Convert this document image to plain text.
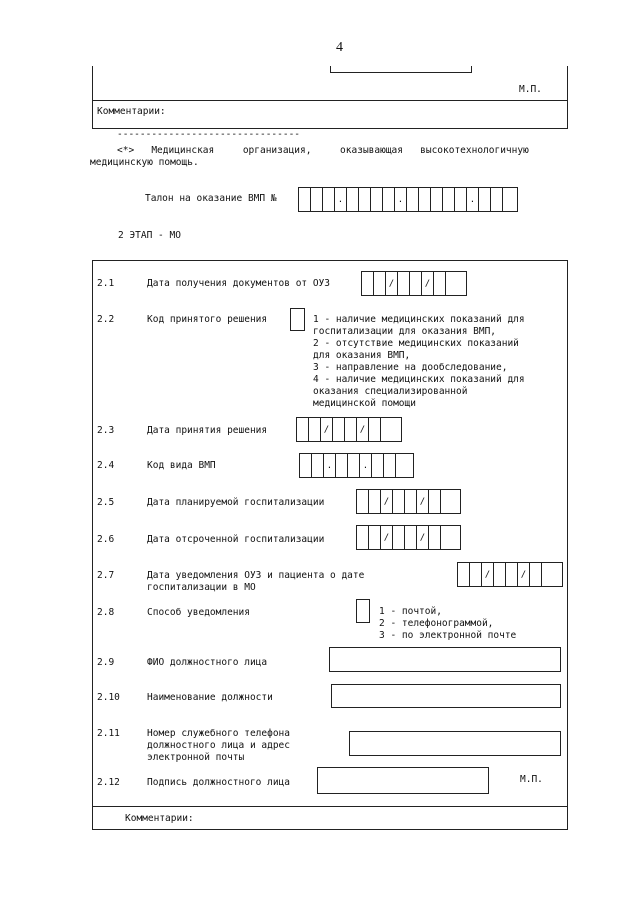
4
М.П.
Комментарии:
--------------------------------
<*>   Медицинская     организация,     оказывающая   высокотехнологичную
медицинскую помощь.
Талон на оказание ВМП №	.	.	.
2 ЭТАП - МО
2.1	Дата получения документов от ОУЗ	/	/
2.2	Код принятого решения	1 - наличие медицинских показаний для
госпитализации для оказания ВМП,
2 - отсутствие медицинских показаний
для оказания ВМП,
3 - направление на дообследование,
4 - наличие медицинских показаний для
оказания специализированной
медицинской помощи
2.3	Дата принятия решения	/	/
2.4	Код вида ВМП	.	.
2.5	Дата планируемой госпитализации	/	/
2.6	Дата отсроченной госпитализации	/	/
2.7	Дата уведомления ОУЗ и пациента о дате
госпитализации в МО
/	/
2.8	Способ уведомления	1 - почтой,
2 - телефонограммой,
3 - по электронной почте
2.9	ФИО должностного лица
2.10	Наименование должности
2.11	Номер служебного телефона
должностного лица и адрес
электронной почты
2.12	Подпись должностного лица	М.П.
Комментарии:
